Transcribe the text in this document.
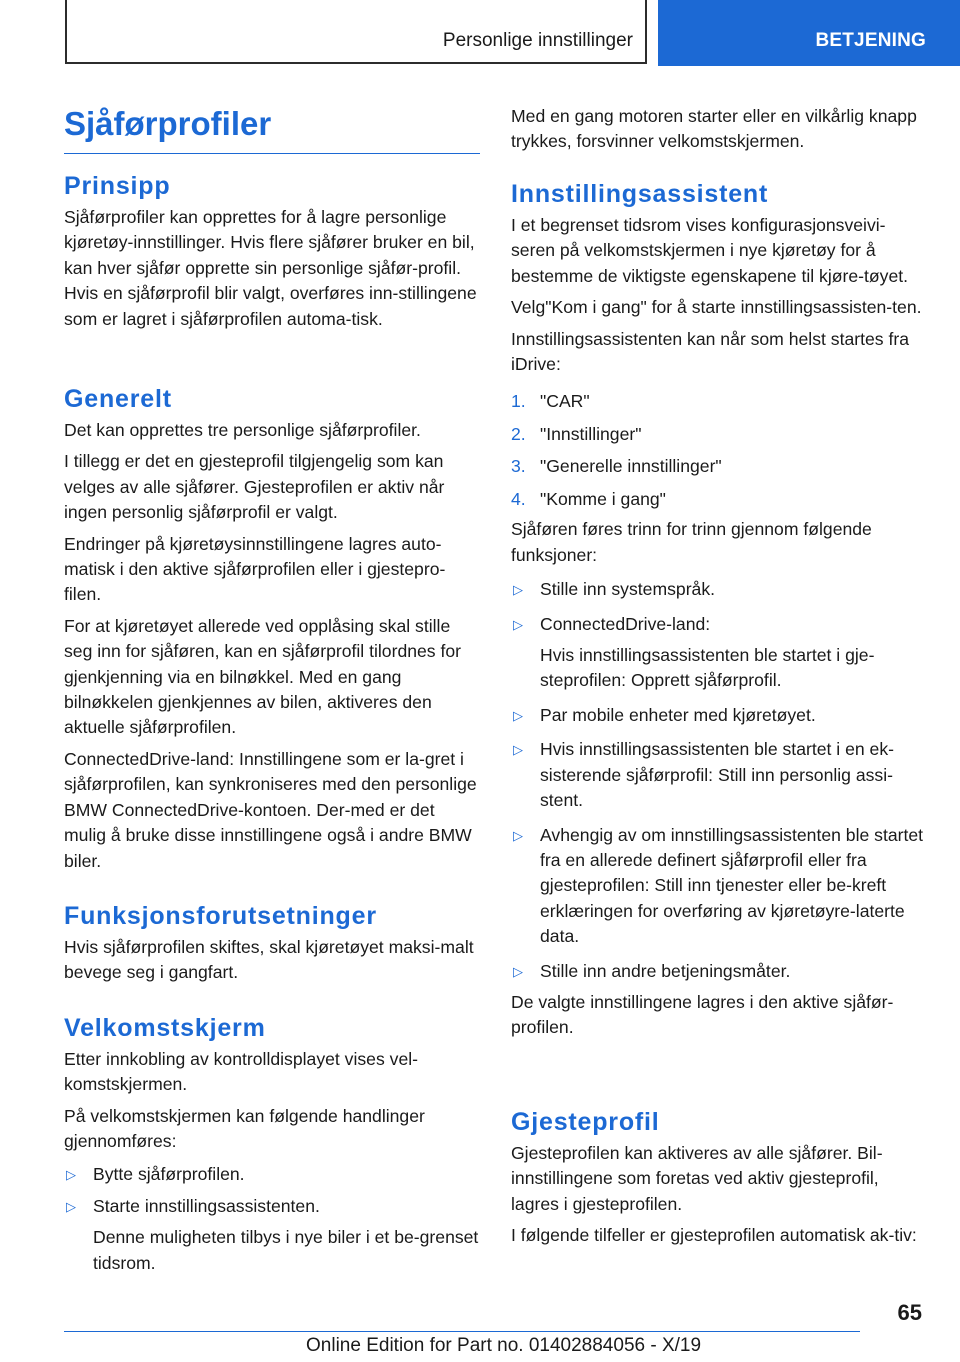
Personlige innstillinger	BETJENING
Sjåførprofiler
Prinsipp

Sjåførprofiler kan opprettes for å lagre personlige kjøretøy-innstillinger. Hvis flere sjåfører bruker en bil, kan hver sjåfør opprette sin personlige sjåfør-profil. Hvis en sjåførprofil blir valgt, overføres inn-stillingene som er lagret i sjåførprofilen automa-tisk.

Generelt

Det kan opprettes tre personlige sjåførprofiler.

I tillegg er det en gjesteprofil tilgjengelig som kan velges av alle sjåfører. Gjesteprofilen er aktiv når ingen personlig sjåførprofil er valgt.

Endringer på kjøretøysinnstillingene lagres auto-matisk i den aktive sjåførprofilen eller i gjestepro-filen.

For at kjøretøyet allerede ved opplåsing skal stille seg inn for sjåføren, kan en sjåførprofil tilordnes for gjenkjenning via en bilnøkkel. Med en gang bilnøkkelen gjenkjennes av bilen, aktiveres den aktuelle sjåførprofilen.

ConnectedDrive-land: Innstillingene som er la-gret i sjåførprofilen, kan synkroniseres med den personlige BMW ConnectedDrive-kontoen. Der-med er det mulig å bruke disse innstillingene også i andre BMW biler.

Funksjonsforutsetninger

Hvis sjåførprofilen skiftes, skal kjøretøyet maksi-malt bevege seg i gangfart.

Velkomstskjerm

Etter innkobling av kontrolldisplayet vises vel-komstskjermen.

På velkomstskjermen kan følgende handlinger gjennomføres:

▷ Bytte sjåførprofilen.
▷ Starte innstillingsassistenten.

Denne muligheten tilbys i nye biler i et be-grenset tidsrom.

Med en gang motoren starter eller en vilkårlig knapp trykkes, forsvinner velkomstskjermen.

Innstillingsassistent

I et begrenset tidsrom vises konfigurasjonsveivi-seren på velkomstskjermen i nye kjøretøy for å bestemme de viktigste egenskapene til kjøre-tøyet.

Velg"Kom i gang" for å starte innstillingsassisten-ten.

Innstillingsassistenten kan når som helst startes fra iDrive:

1. "CAR"
2. "Innstillinger"
3. "Generelle innstillinger"
4. "Komme i gang"

Sjåføren føres trinn for trinn gjennom følgende funksjoner:

▷ Stille inn systemspråk.
▷ ConnectedDrive-land:

Hvis innstillingsassistenten ble startet i gje-steprofilen: Opprett sjåførprofil.

▷ Par mobile enheter med kjøretøyet.
▷ Hvis innstillingsassistenten ble startet i en ek-sisterende sjåførprofil: Still inn personlig assi-stent.
▷ Avhengig av om innstillingsassistenten ble startet fra en allerede definert sjåførprofil eller fra gjesteprofilen: Still inn tjenester eller be-kreft erklæringen for overføring av kjøretøyre-laterte data.
▷ Stille inn andre betjeningsmåter.

De valgte innstillingene lagres i den aktive sjåfør-profilen.

Gjesteprofil

Gjesteprofilen kan aktiveres av alle sjåfører. Bil-innstillingene som foretas ved aktiv gjesteprofil, lagres i gjesteprofilen.

I følgende tilfeller er gjesteprofilen automatisk ak-tiv:

65
Online Edition for Part no. 01402884056 - X/19
